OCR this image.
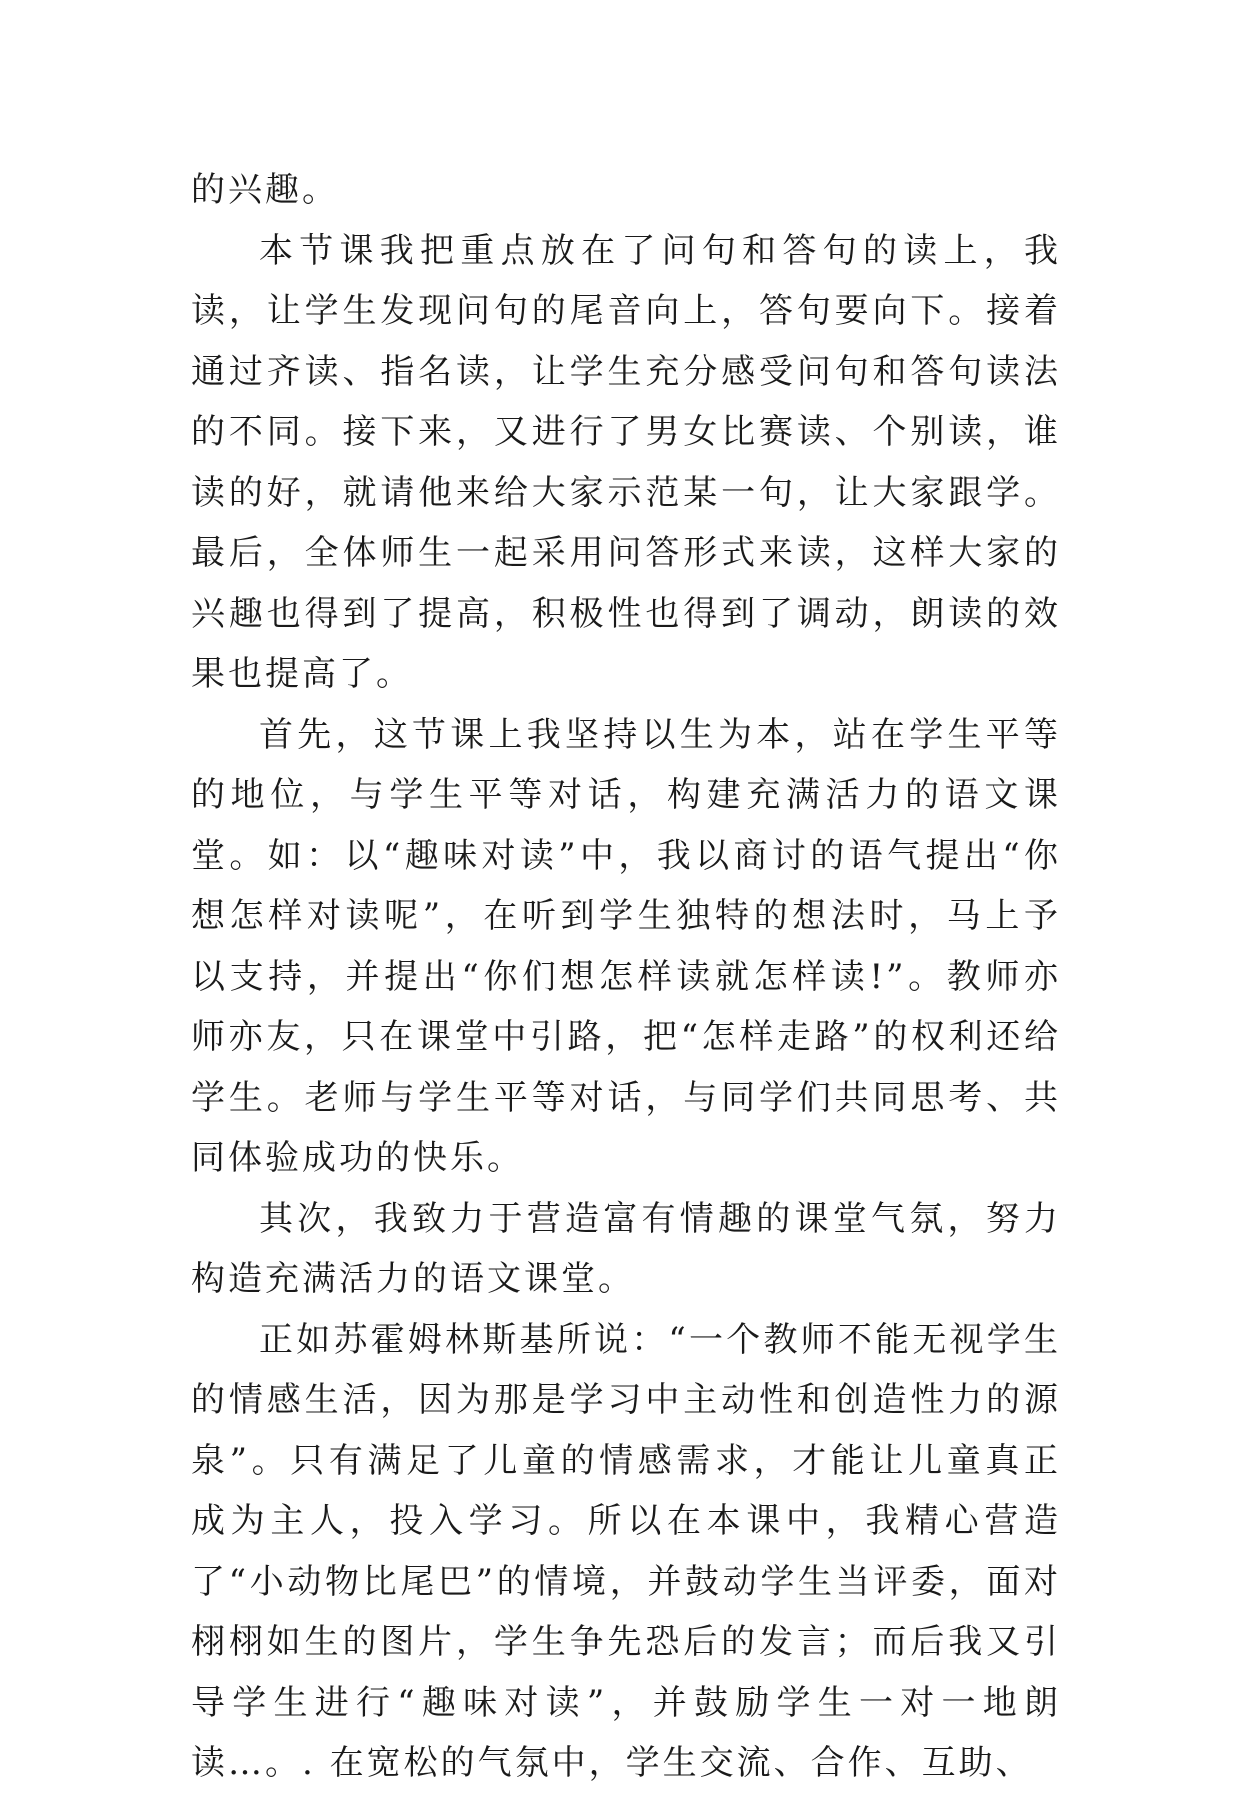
的兴趣。

本节课我把重点放在了问句和答句的读上，我读，让学生发现问句的尾音向上，答句要向下。接着通过齐读、指名读，让学生充分感受问句和答句读法的不同。接下来，又进行了男女比赛读、个别读，谁读的好，就请他来给大家示范某一句，让大家跟学。最后，全体师生一起采用问答形式来读，这样大家的兴趣也得到了提高，积极性也得到了调动，朗读的效果也提高了。

首先，这节课上我坚持以生为本，站在学生平等的地位，与学生平等对话，构建充满活力的语文课堂。如：以“趣味对读”中，我以商讨的语气提出“你想怎样对读呢”，在听到学生独特的想法时，马上予以支持，并提出“你们想怎样读就怎样读!”。教师亦师亦友，只在课堂中引路，把“怎样走路”的权利还给学生。老师与学生平等对话，与同学们共同思考、共同体验成功的快乐。

其次，我致力于营造富有情趣的课堂气氛，努力构造充满活力的语文课堂。

正如苏霍姆林斯基所说：“一个教师不能无视学生的情感生活，因为那是学习中主动性和创造性力的源泉”。只有满足了儿童的情感需求，才能让儿童真正成为主人，投入学习。所以在本课中，我精心营造了“小动物比尾巴”的情境，并鼓动学生当评委，面对栩栩如生的图片，学生争先恐后的发言；而后我又引导学生进行“趣味对读”，并鼓励学生一对一地朗读…。. 在宽松的气氛中，学生交流、合作、互助、
